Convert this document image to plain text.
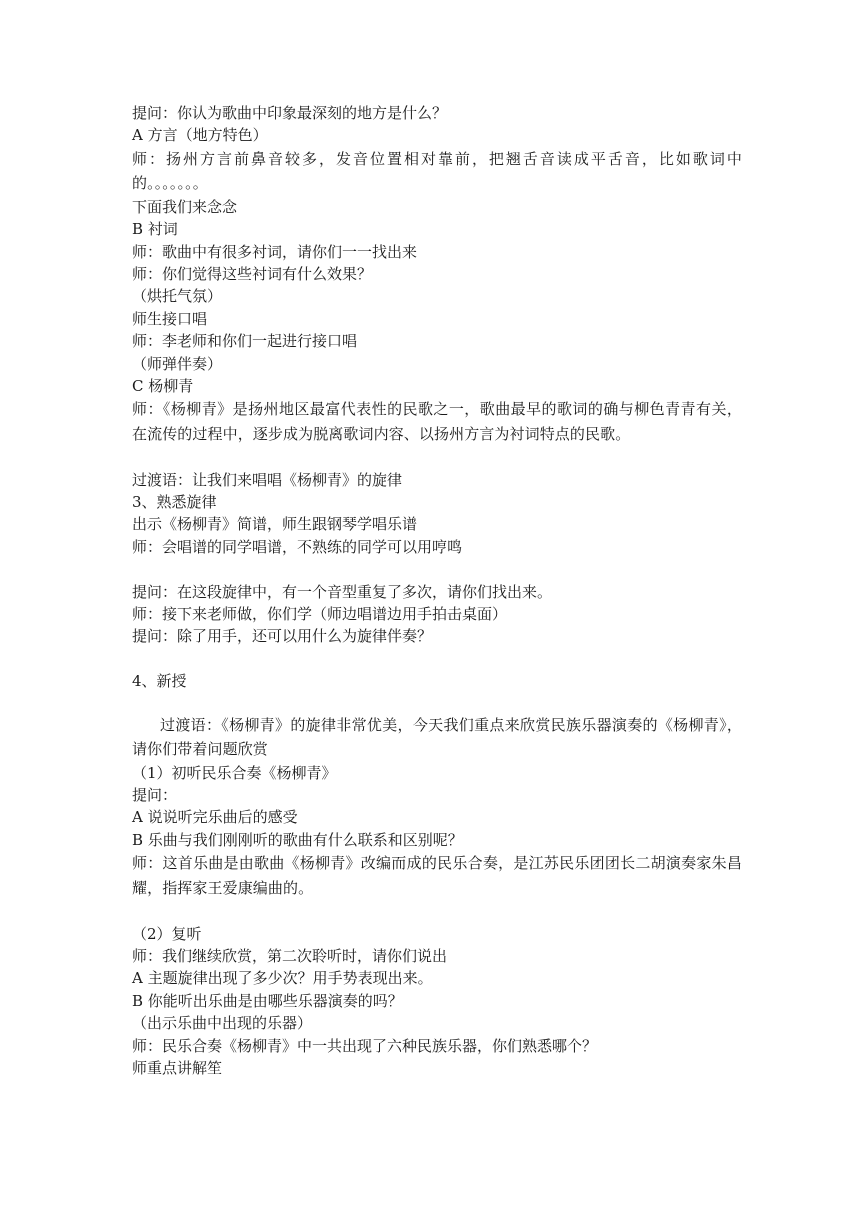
提问：你认为歌曲中印象最深刻的地方是什么？

A 方言（地方特色）

师：扬州方言前鼻音较多，发音位置相对靠前，把翘舌音读成平舌音，比如歌词中的。。。。。。。

下面我们来念念

B 衬词

师：歌曲中有很多衬词，请你们一一找出来

师：你们觉得这些衬词有什么效果？

（烘托气氛）

师生接口唱

师：李老师和你们一起进行接口唱

（师弹伴奏）

C 杨柳青

师：《杨柳青》是扬州地区最富代表性的民歌之一，歌曲最早的歌词的确与柳色青青有关，在流传的过程中，逐步成为脱离歌词内容、以扬州方言为衬词特点的民歌。

过渡语：让我们来唱唱《杨柳青》的旋律

3、熟悉旋律

出示《杨柳青》简谱，师生跟钢琴学唱乐谱

师：会唱谱的同学唱谱，不熟练的同学可以用哼鸣

提问：在这段旋律中，有一个音型重复了多次，请你们找出来。

师：接下来老师做，你们学（师边唱谱边用手拍击桌面）

提问：除了用手，还可以用什么为旋律伴奏？

4、新授

过渡语：《杨柳青》的旋律非常优美，今天我们重点来欣赏民族乐器演奏的《杨柳青》，请你们带着问题欣赏

（1）初听民乐合奏《杨柳青》

提问：

A 说说听完乐曲后的感受

B 乐曲与我们刚刚听的歌曲有什么联系和区别呢？

师：这首乐曲是由歌曲《杨柳青》改编而成的民乐合奏，是江苏民乐团团长二胡演奏家朱昌耀，指挥家王爱康编曲的。

（2）复听

师：我们继续欣赏，第二次聆听时，请你们说出

A 主题旋律出现了多少次？用手势表现出来。

B 你能听出乐曲是由哪些乐器演奏的吗？

（出示乐曲中出现的乐器）

师：民乐合奏《杨柳青》中一共出现了六种民族乐器，你们熟悉哪个？

师重点讲解笙
